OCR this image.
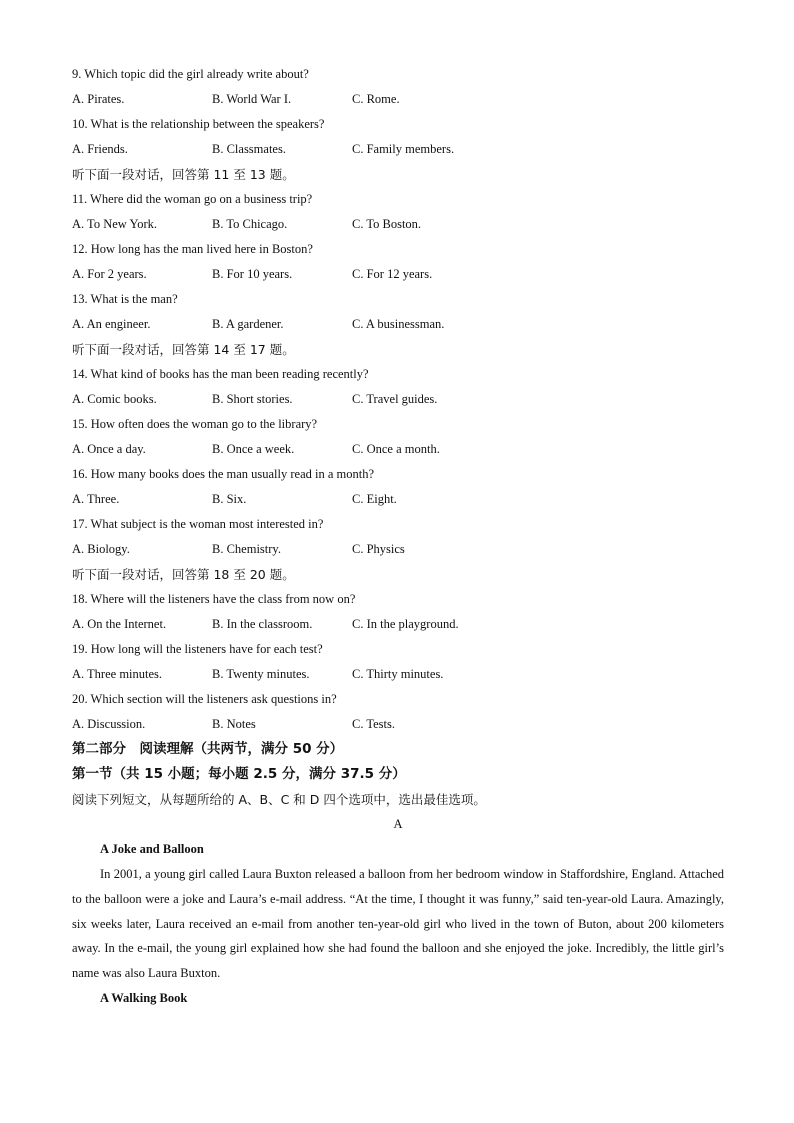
9. Which topic did the girl already write about?
A. Pirates.	B. World War I.	C. Rome.
10. What is the relationship between the speakers?
A. Friends.	B. Classmates.	C. Family members.
听下面一段对话，回答第 11 至 13 题。
11. Where did the woman go on a business trip?
A. To New York.	B. To Chicago.	C. To Boston.
12. How long has the man lived here in Boston?
A. For 2 years.	B. For 10 years.	C. For 12 years.
13. What is the man?
A. An engineer.	B. A gardener.	C. A businessman.
听下面一段对话，回答第 14 至 17 题。
14. What kind of books has the man been reading recently?
A. Comic books.	B. Short stories.	C. Travel guides.
15. How often does the woman go to the library?
A. Once a day.	B. Once a week.	C. Once a month.
16. How many books does the man usually read in a month?
A. Three.	B. Six.	C. Eight.
17. What subject is the woman most interested in?
A. Biology.	B. Chemistry.	C. Physics
听下面一段对话，回答第 18 至 20 题。
18. Where will the listeners have the class from now on?
A. On the Internet.	B. In the classroom.	C. In the playground.
19. How long will the listeners have for each test?
A. Three minutes.	B. Twenty minutes.	C. Thirty minutes.
20. Which section will the listeners ask questions in?
A. Discussion.	B. Notes	C. Tests.
第二部分　阅读理解（共两节，满分 50 分）
第一节（共 15 小题；每小题 2.5 分，满分 37.5 分）
阅读下列短文，从每题所给的 A、B、C 和 D 四个选项中，选出最佳选项。
A
A Joke and Balloon

In 2001, a young girl called Laura Buxton released a balloon from her bedroom window in Staffordshire, England. Attached to the balloon were a joke and Laura’s e-mail address. “At the time, I thought it was funny,” said ten-year-old Laura. Amazingly, six weeks later, Laura received an e-mail from another ten-year-old girl who lived in the town of Buton, about 200 kilometers away. In the e-mail, the young girl explained how she had found the balloon and she enjoyed the joke. Incredibly, the little girl’s name was also Laura Buxton.

A Walking Book
